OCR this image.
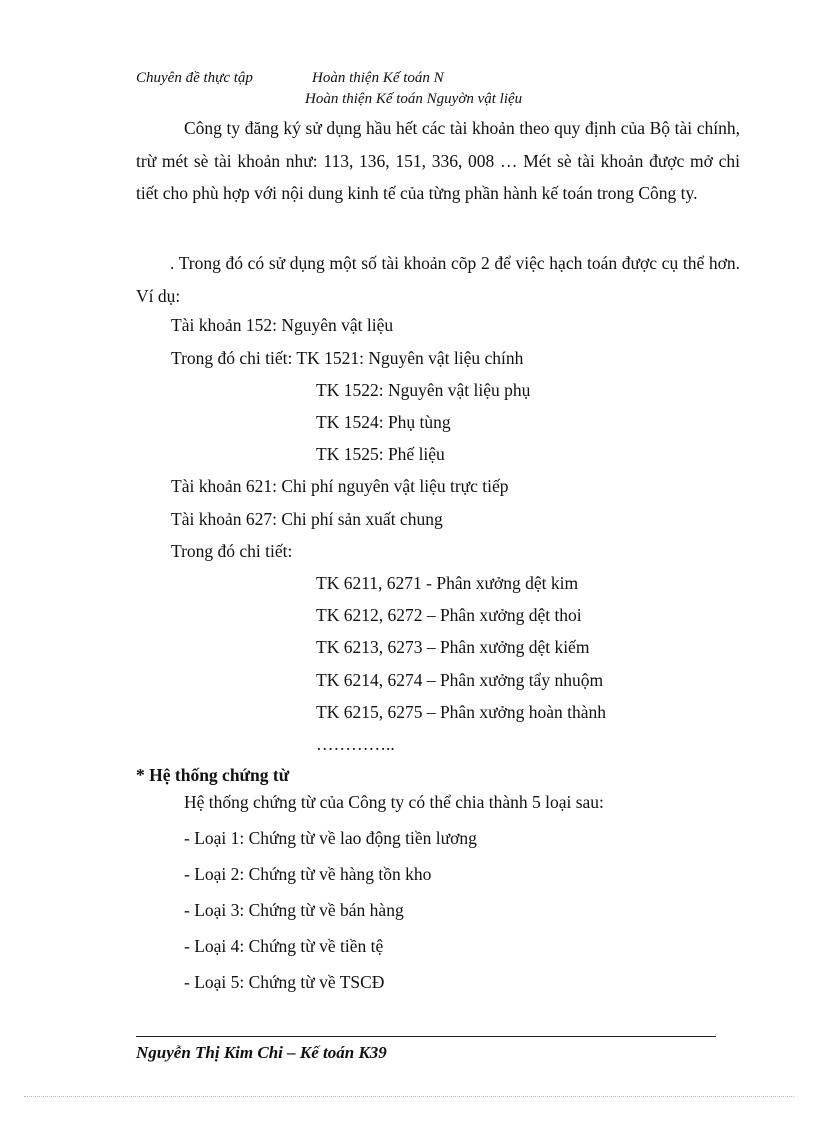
Chuyên đề thực tập	Hoàn thiện Kế toán N
Hoàn thiện Kế toán Nguyờn vật liệu
Công ty đăng ký sử dụng hầu hết các tài khoản theo quy định của Bộ tài chính, trừ mét sè tài khoản như: 113, 136, 151, 336, 008 … Mét sè tài khoản được mở chi tiết cho phù hợp với nội dung kinh tế của từng phần hành kế toán trong Công ty.
. Trong đó có sử dụng một số tài khoản cõp 2 để việc hạch toán được cụ thể hơn. Ví dụ:
Tài khoản 152: Nguyên vật liệu
Trong đó chi tiết: TK 1521: Nguyên vật liệu chính
TK 1522: Nguyên vật liệu phụ
TK 1524: Phụ tùng
TK 1525: Phế liệu
Tài khoản 621: Chi phí nguyên vật liệu trực tiếp
Tài khoản 627: Chi phí sản xuất chung
Trong đó chi tiết:
TK 6211, 6271 - Phân xưởng dệt kim
TK 6212, 6272 – Phân xưởng dệt thoi
TK 6213, 6273 – Phân xưởng dệt kiếm
TK 6214, 6274 – Phân xưởng tẩy nhuộm
TK 6215, 6275 – Phân xưởng hoàn thành
…………..
* Hệ thống chứng từ
Hệ thống chứng từ của Công ty có thể chia thành 5 loại sau:
- Loại 1: Chứng từ về lao động tiền lương
- Loại 2: Chứng từ về hàng tồn kho
- Loại 3: Chứng từ về bán hàng
- Loại 4: Chứng từ về tiền tệ
- Loại 5: Chứng từ về TSCĐ
Nguyễn Thị Kim Chi – Kế toán K39
